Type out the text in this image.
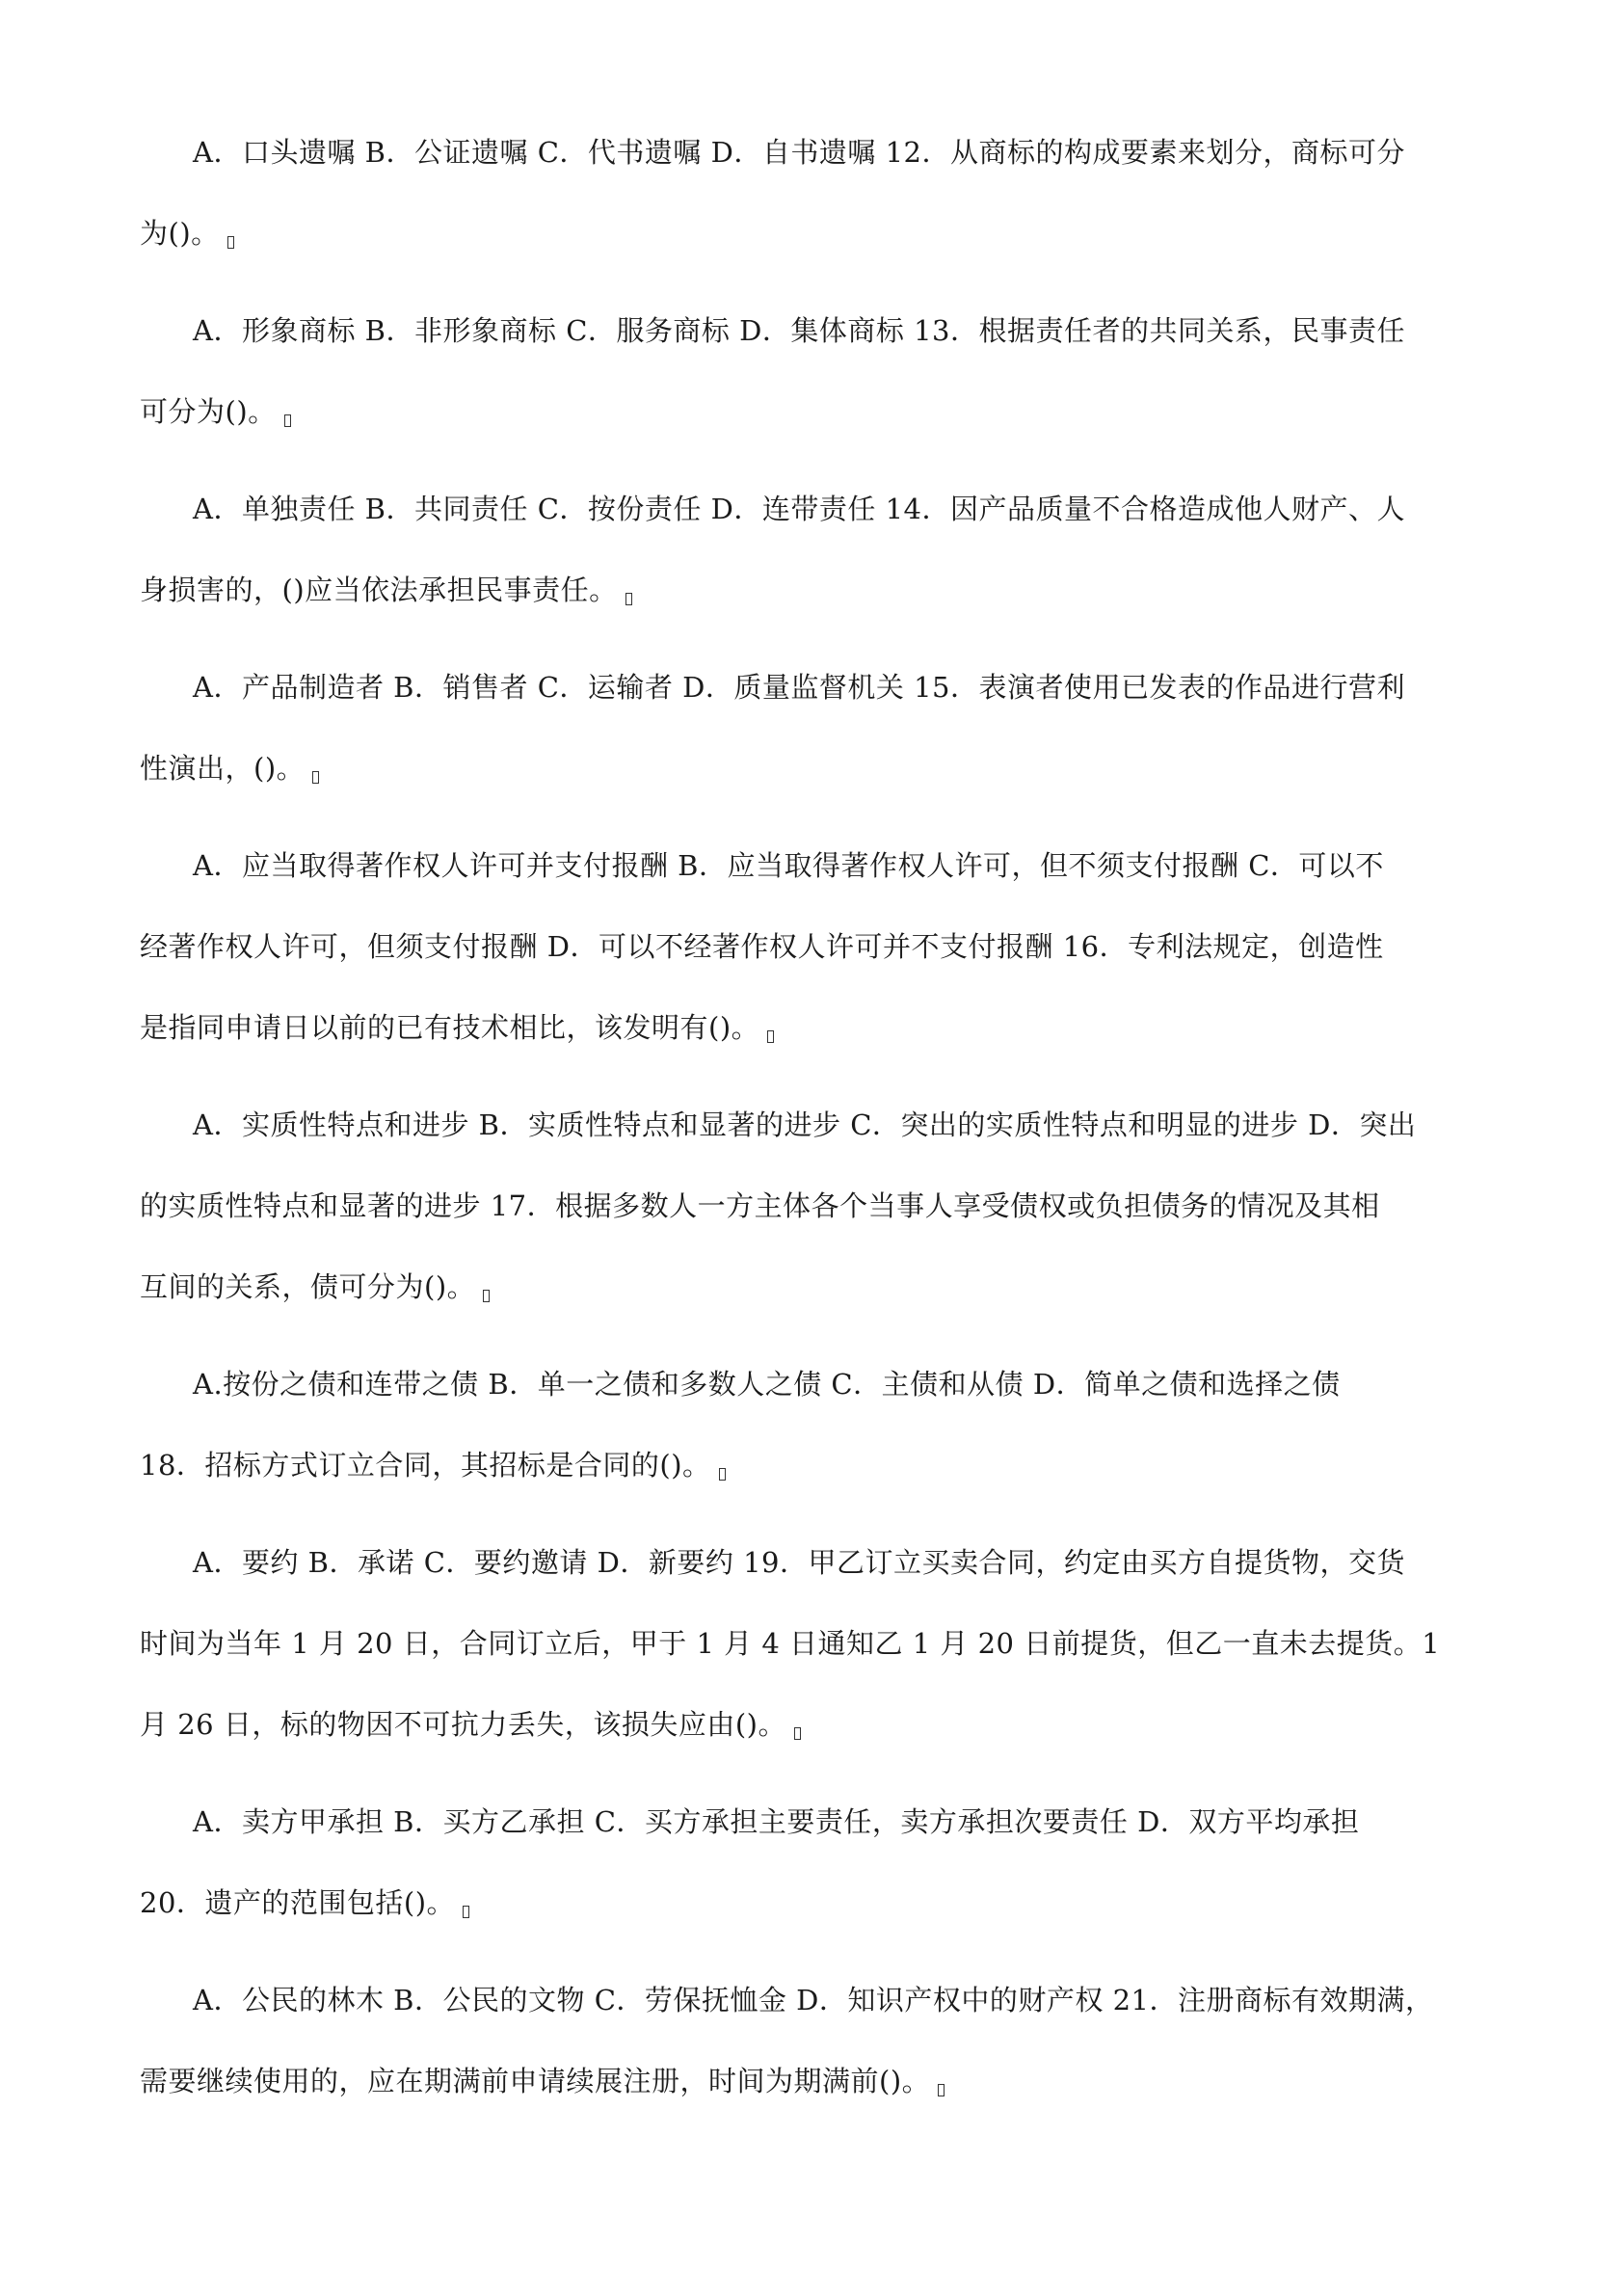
A．口头遗嘱 B．公证遗嘱 C．代书遗嘱 D．自书遗嘱 12．从商标的构成要素来划分，商标可分
为()。
A．形象商标 B．非形象商标 C．服务商标 D．集体商标 13．根据责任者的共同关系，民事责任
可分为()。
A．单独责任 B．共同责任 C．按份责任 D．连带责任 14．因产品质量不合格造成他人财产、人
身损害的，()应当依法承担民事责任。
A．产品制造者 B．销售者 C．运输者 D．质量监督机关 15．表演者使用已发表的作品进行营利
性演出，()。
A．应当取得著作权人许可并支付报酬 B．应当取得著作权人许可，但不须支付报酬 C．可以不
经著作权人许可，但须支付报酬 D．可以不经著作权人许可并不支付报酬 16．专利法规定，创造性
是指同申请日以前的已有技术相比，该发明有()。
A．实质性特点和进步 B．实质性特点和显著的进步 C．突出的实质性特点和明显的进步 D．突出
的实质性特点和显著的进步 17．根据多数人一方主体各个当事人享受债权或负担债务的情况及其相
互间的关系，债可分为()。
A.按份之债和连带之债 B．单一之债和多数人之债 C．主债和从债 D．简单之债和选择之债
18．招标方式订立合同，其招标是合同的()。
A．要约 B．承诺 C．要约邀请 D．新要约 19．甲乙订立买卖合同，约定由买方自提货物，交货
时间为当年 1 月 20 日，合同订立后，甲于 1 月 4 日通知乙 1 月 20 日前提货，但乙一直未去提货。1
月 26 日，标的物因不可抗力丢失，该损失应由()。
A．卖方甲承担 B．买方乙承担 C．买方承担主要责任，卖方承担次要责任 D．双方平均承担
20．遗产的范围包括()。
A．公民的林木 B．公民的文物 C．劳保抚恤金 D．知识产权中的财产权 21．注册商标有效期满，
需要继续使用的，应在期满前申请续展注册，时间为期满前()。
